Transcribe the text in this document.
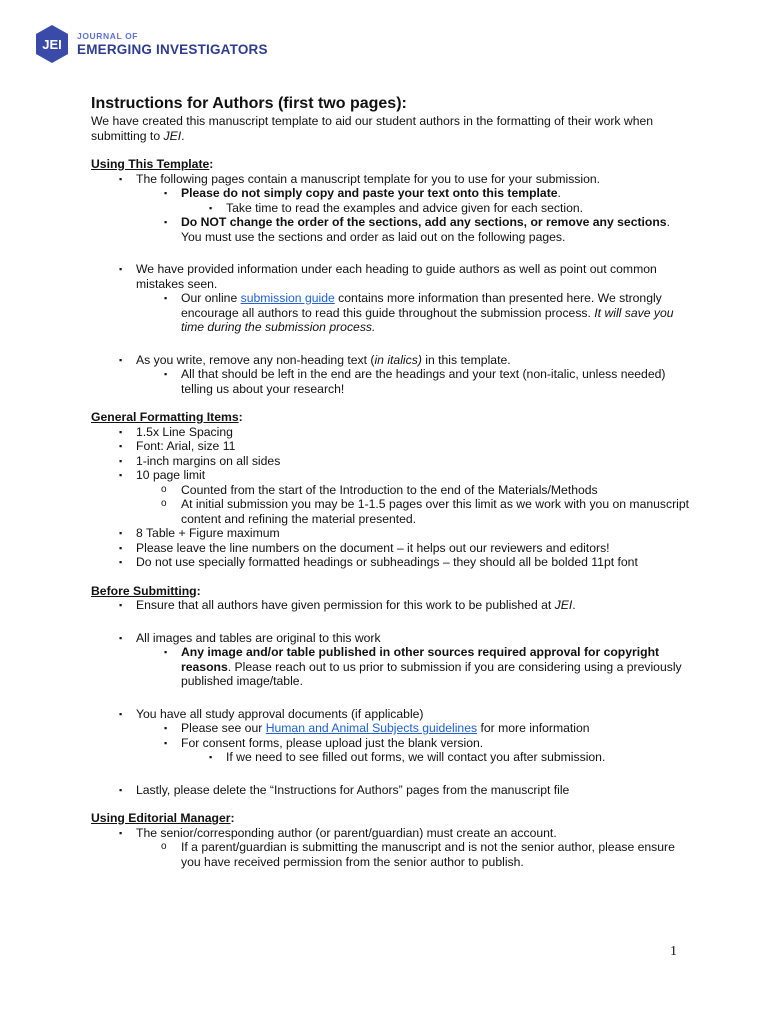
JEI
JOURNAL OF
EMERGING INVESTIGATORS
Instructions for Authors (first two pages):

We have created this manuscript template to aid our student authors in the formatting of their work when submitting to JEI.

Using This Template:

▪ The following pages contain a manuscript template for you to use for your submission.
▪ Please do not simply copy and paste your text onto this template.
▪ Take time to read the examples and advice given for each section.
▪ Do NOT change the order of the sections, add any sections, or remove any sections. You must use the sections and order as laid out on the following pages.
▪ We have provided information under each heading to guide authors as well as point out common mistakes seen.
▪ Our online submission guide contains more information than presented here. We strongly encourage all authors to read this guide throughout the submission process. It will save you time during the submission process.
▪ As you write, remove any non-heading text (in italics) in this template.
▪ All that should be left in the end are the headings and your text (non-italic, unless needed) telling us about your research!

General Formatting Items:

▪ 1.5x Line Spacing
▪ Font: Arial, size 11
▪ 1-inch margins on all sides
▪ 10 page limit
o Counted from the start of the Introduction to the end of the Materials/Methods
o At initial submission you may be 1-1.5 pages over this limit as we work with you on manuscript content and refining the material presented.
▪ 8 Table + Figure maximum
▪ Please leave the line numbers on the document – it helps out our reviewers and editors!
▪ Do not use specially formatted headings or subheadings – they should all be bolded 11pt font

Before Submitting:

▪ Ensure that all authors have given permission for this work to be published at JEI.
▪ All images and tables are original to this work
▪ Any image and/or table published in other sources required approval for copyright reasons. Please reach out to us prior to submission if you are considering using a previously published image/table.
▪ You have all study approval documents (if applicable)
▪ Please see our Human and Animal Subjects guidelines for more information
▪ For consent forms, please upload just the blank version.
▪ If we need to see filled out forms, we will contact you after submission.
▪ Lastly, please delete the “Instructions for Authors” pages from the manuscript file

Using Editorial Manager:

▪ The senior/corresponding author (or parent/guardian) must create an account.
o If a parent/guardian is submitting the manuscript and is not the senior author, please ensure you have received permission from the senior author to publish.
1
